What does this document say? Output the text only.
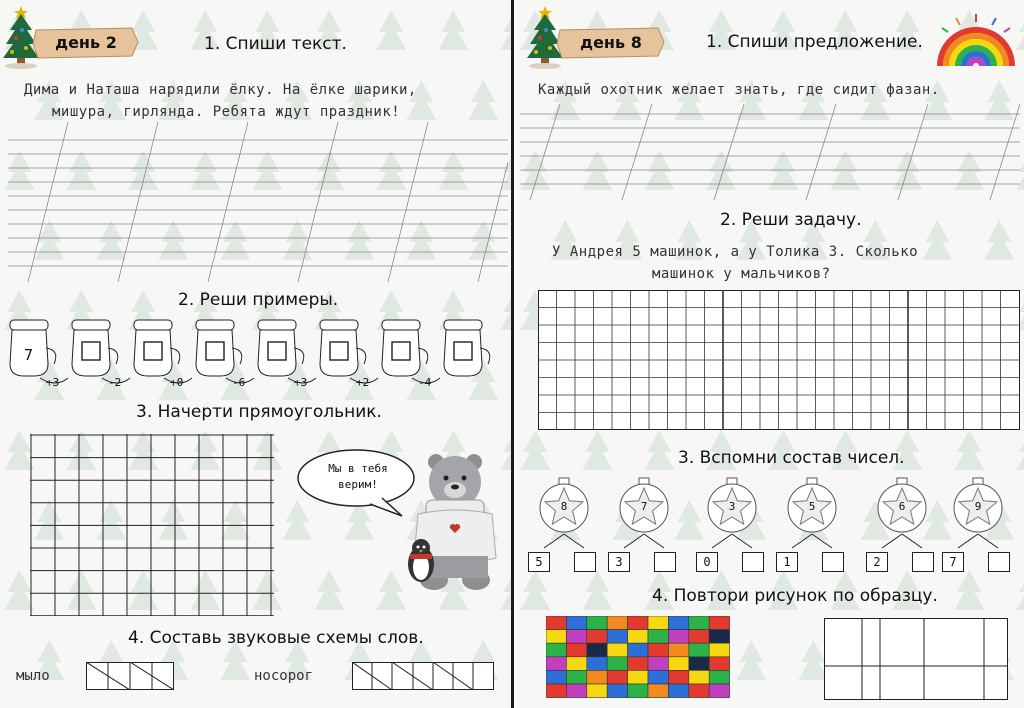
день 2	1. Спиши текст.
Дима и Наташа нарядили ёлку. На ёлке шарики,
мишура, гирлянда. Ребята ждут праздник!
2. Реши примеры.
7
+3	-2	+0	-6	+3	+2	-4
3. Начерти прямоугольник.
Мы в тебя
верим!
4. Составь звуковые схемы слов.
мыло	носорог
день 8	1. Спиши предложение.
Каждый охотник желает знать, где сидит фазан.
2. Реши задачу.
У Андрея 5 машинок, а у Толика 3. Сколько
машинок у мальчиков?
3. Вспомни состав чисел.
8
5
7
3
3
0
5
1
6
2
9
7
4. Повтори рисунок по образцу.
